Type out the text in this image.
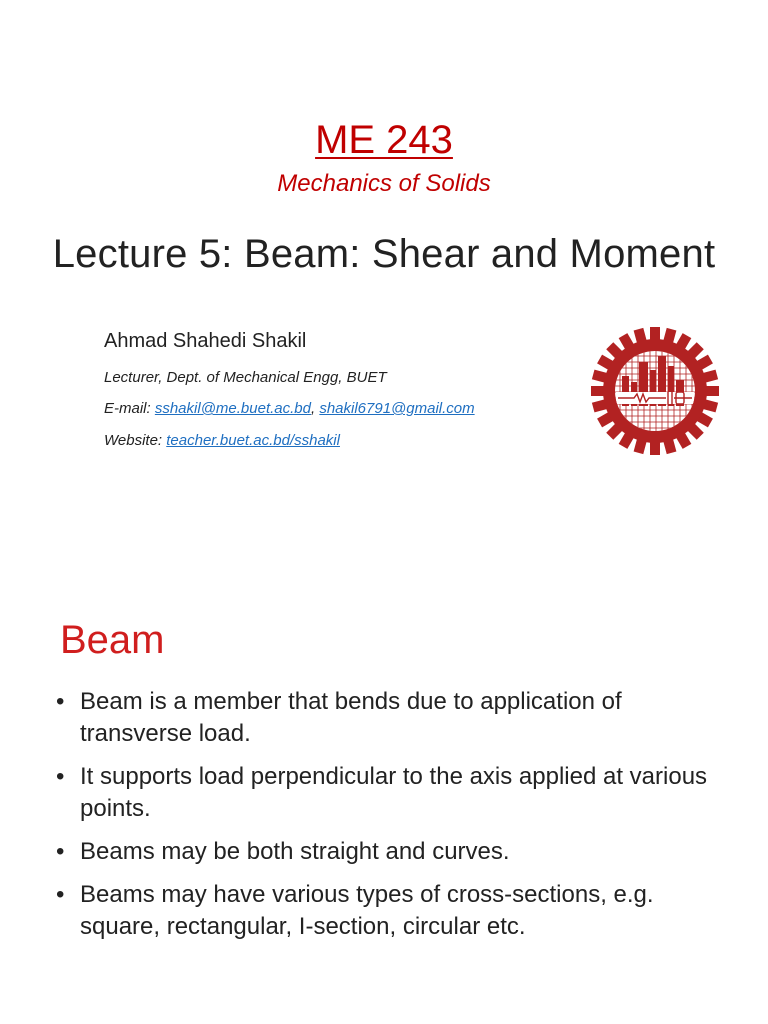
ME 243
Mechanics of Solids
Lecture 5: Beam: Shear and Moment
Ahmad Shahedi Shakil
Lecturer, Dept. of Mechanical Engg, BUET
E-mail: sshakil@me.buet.ac.bd, shakil6791@gmail.com
Website: teacher.buet.ac.bd/sshakil
Beam
• Beam is a member that bends due to application of transverse load.
• It supports load perpendicular to the axis applied at various points.
• Beams may be both straight and curves.
• Beams may have various types of cross-sections, e.g. square, rectangular, I-section, circular etc.
